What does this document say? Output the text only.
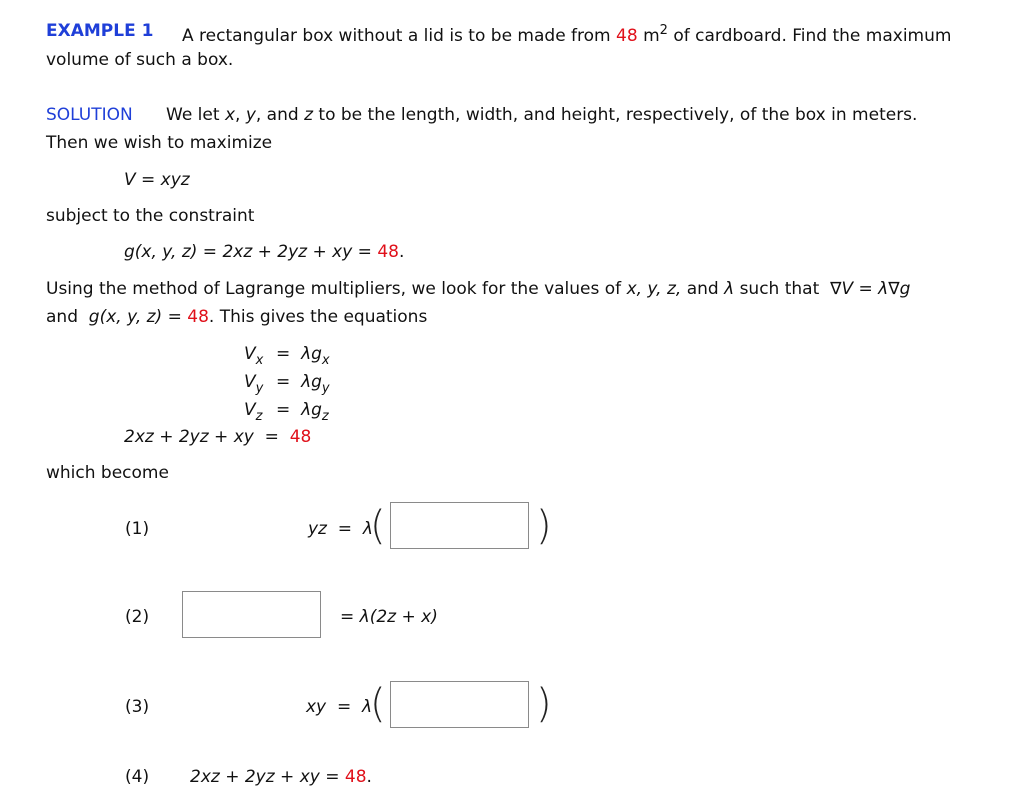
EXAMPLE 1 A rectangular box without a lid is to be made from 48 $m^2$ of cardboard. Find the maximum
volume of such a box.
SOLUTION We let x, y, and z to be the length, width, and height, respectively, of the box in meters.
Then we wish to maximize
V = xyz
subject to the constraint
g(x, y, z) = 2xz + 2yz + xy = 48.
Using the method of Lagrange multipliers, we look for the values of x, y, z, and λ such that ∇V = λ∇g
and g(x, y, z) = 48. This gives the equations
$V_x = \lambda g_x$
$V_y = \lambda g_y$
$V_z = \lambda g_z$
2xz + 2yz + xy = 48
which become
(1)	yz = λ
(	)
(2)	= λ(2z + x)
(3)	xy = λ
(	)
(4) 2xz + 2yz + xy = 48.
